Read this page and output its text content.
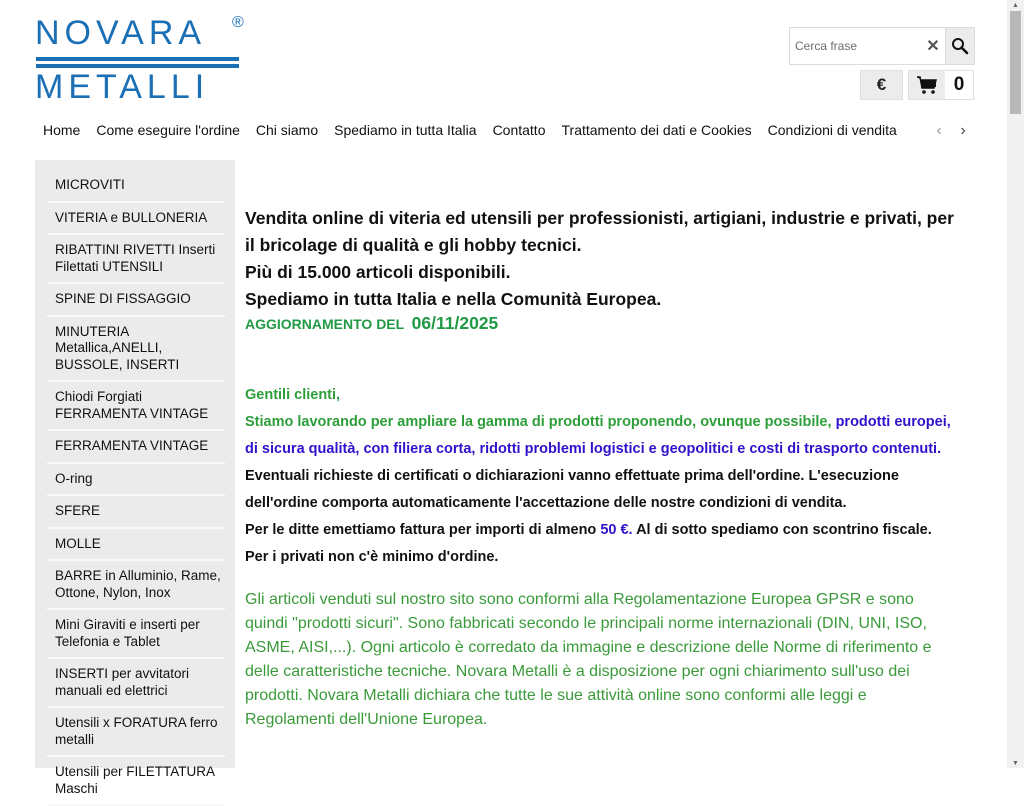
NOVARA ®
METALLI
Cerca frase
✕
€	0
Home	Come eseguire l'ordine	Chi siamo	Spediamo in tutta Italia	Contatto	Trattamento dei dati e Cookies	Condizioni di vendita	‹ ›
MICROVITI
VITERIA e BULLONERIA
RIBATTINI RIVETTI Inserti Filettati UTENSILI
SPINE DI FISSAGGIO
MINUTERIA Metallica,ANELLI, BUSSOLE, INSERTI
Chiodi Forgiati FERRAMENTA VINTAGE
FERRAMENTA VINTAGE
O-ring
SFERE
MOLLE
BARRE in Alluminio, Rame, Ottone, Nylon, Inox
Mini Giraviti e inserti per Telefonia e Tablet
INSERTI per avvitatori manuali ed elettrici
Utensili x FORATURA ferro metalli
Utensili per FILETTATURA Maschi
Vendita online di viteria ed utensili per professionisti, artigiani, industrie e privati, per il bricolage di qualità e gli hobby tecnici.
Più di 15.000 articoli disponibili.
Spediamo in tutta Italia e nella Comunità Europea.
AGGIORNAMENTO DEL 06/11/2025
Gentili clienti,
Stiamo lavorando per ampliare la gamma di prodotti proponendo, ovunque possibile, prodotti europei, di sicura qualità, con filiera corta, ridotti problemi logistici e geopolitici e costi di trasporto contenuti.
Eventuali richieste di certificati o dichiarazioni vanno effettuate prima dell'ordine. L'esecuzione dell'ordine comporta automaticamente l'accettazione delle nostre condizioni di vendita.
Per le ditte emettiamo fattura per importi di almeno 50 €. Al di sotto spediamo con scontrino fiscale.
Per i privati non c'è minimo d'ordine.
Gli articoli venduti sul nostro sito sono conformi alla Regolamentazione Europea GPSR e sono quindi "prodotti sicuri". Sono fabbricati secondo le principali norme internazionali (DIN, UNI, ISO, ASME, AISI,...). Ogni articolo è corredato da immagine e descrizione delle Norme di riferimento e delle caratteristiche tecniche. Novara Metalli è a disposizione per ogni chiarimento sull'uso dei prodotti. Novara Metalli dichiara che tutte le sue attività online sono conformi alle leggi e Regolamenti dell'Unione Europea.
▲
▼
